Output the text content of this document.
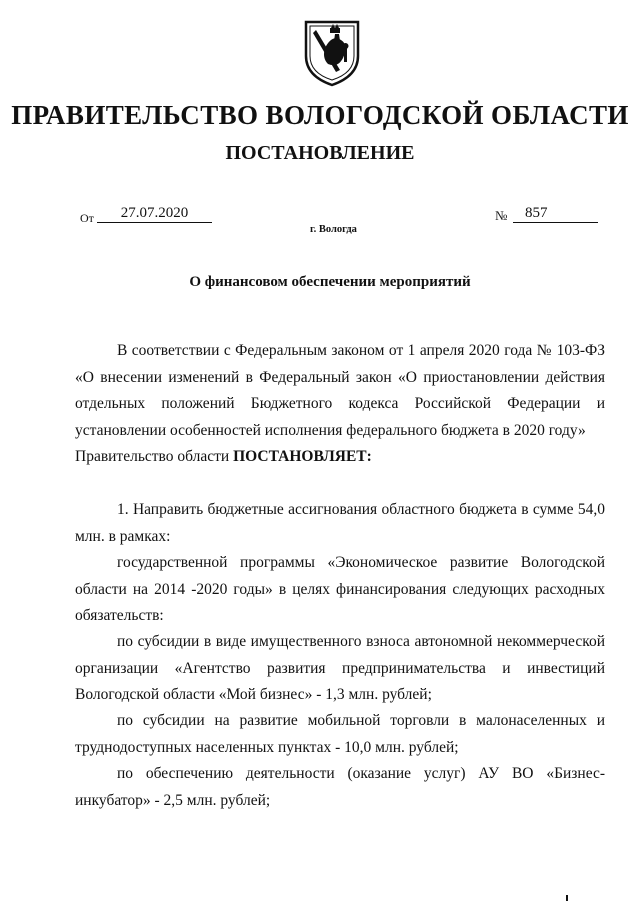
ПРАВИТЕЛЬСТВО ВОЛОГОДСКОЙ ОБЛАСТИ
ПОСТАНОВЛЕНИЕ
От	27.07.2020	№	857
г. Вологда
О финансовом обеспечении мероприятий

В соответствии с Федеральным законом от 1 апреля 2020 года № 103-ФЗ «О внесении изменений в Федеральный закон «О приостановлении действия отдельных положений Бюджетного кодекса Российской Федерации и установлении особенностей исполнения федерального бюджета в 2020 году»

Правительство области ПОСТАНОВЛЯЕТ:

1. Направить бюджетные ассигнования областного бюджета в сумме 54,0 млн. в рамках:

государственной программы «Экономическое развитие Вологодской области на 2014 -2020 годы» в целях финансирования следующих расходных обязательств:

по субсидии в виде имущественного взноса автономной некоммерческой организации «Агентство развития предпринимательства и инвестиций Вологодской области «Мой бизнес» - 1,3 млн. рублей;

по субсидии на развитие мобильной торговли в малонаселенных и труднодоступных населенных пунктах - 10,0 млн. рублей;

по обеспечению деятельности (оказание услуг) АУ ВО «Бизнес-инкубатор» - 2,5 млн. рублей;
